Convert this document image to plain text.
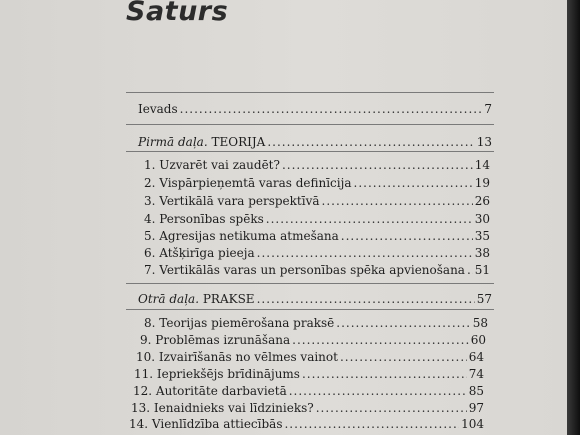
Saturs
Ievads .....	7
Pirmā daļa. TEORIJA .....	13
1. Uzvarēt vai zaudēt? .....	14
2. Vispārpieņemtā varas definīcija .....	19
3. Vertikālā vara perspektīvā .....	26
4. Personības spēks .....	30
5. Agresijas netikuma atmešana .....	35
6. Atšķirīga pieeja .....	38
7. Vertikālās varas un personības spēka apvienošana ..... 51
Otrā daļa. PRAKSE .....	57
8. Teorijas piemērošana praksē .....	58
9. Problēmas izrunāšana .....	60
10. Izvairīšanās no vēlmes vainot .....	64
11. Iepriekšējs brīdinājums .....	74
12. Autoritāte darbavietā .....	85
13. Ienaidnieks vai līdzinieks? .....	97
14. Vienlīdzība attiecībās .....	104
